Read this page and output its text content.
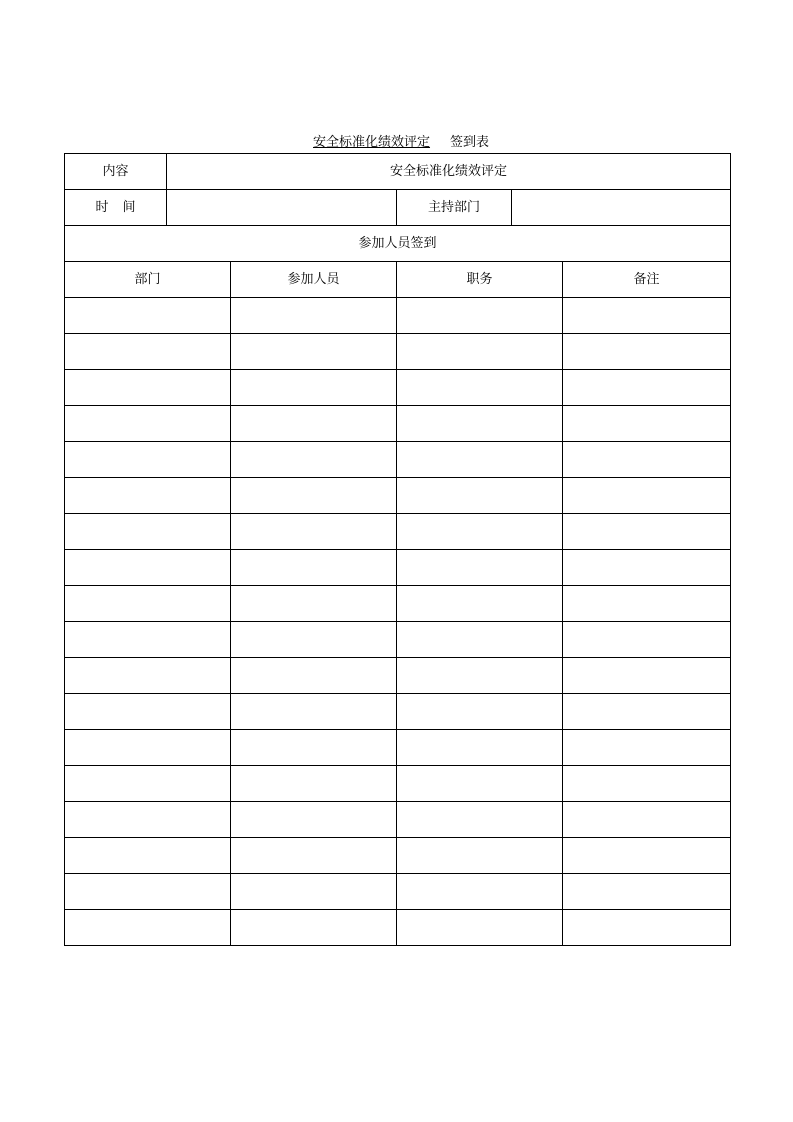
安全标准化绩效评定 签到表
内容	安全标准化绩效评定				
时间			主持部门		
参加人员签到					
部门		参加人员	职务		备注
